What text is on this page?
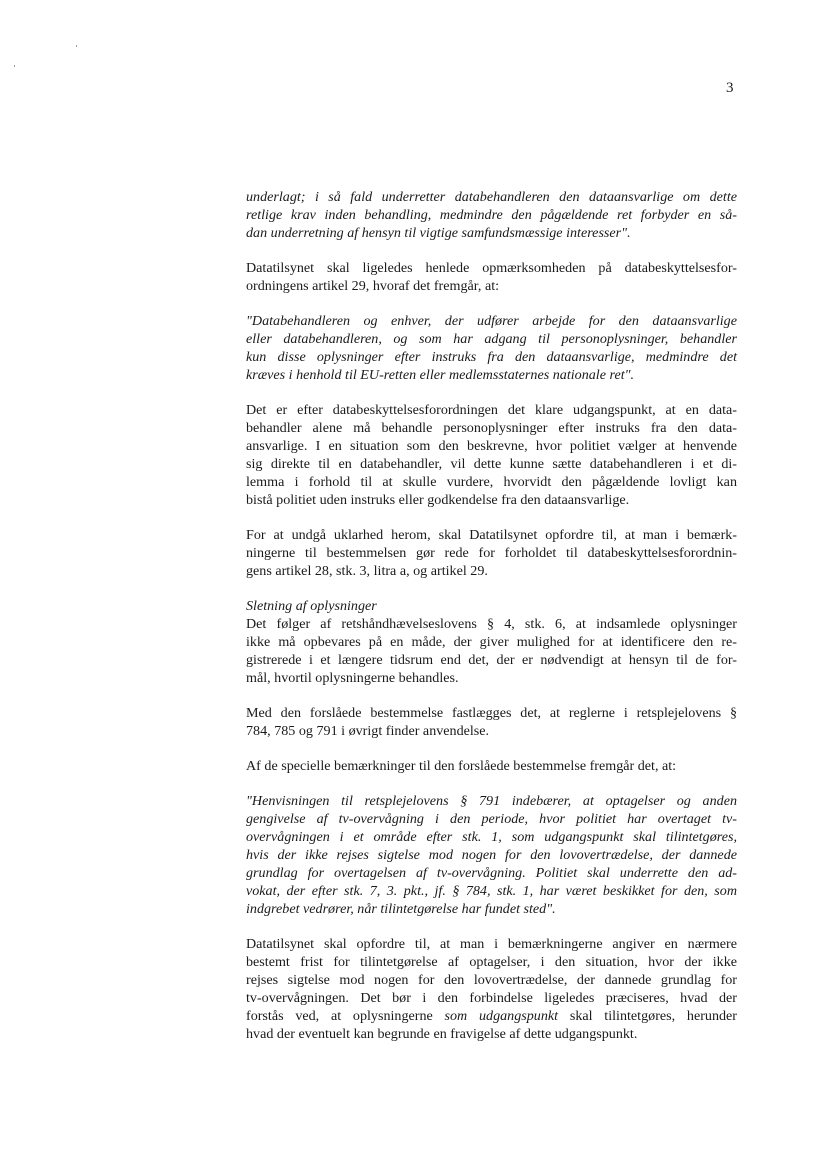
3
underlagt; i så fald underretter databehandleren den dataansvarlige om dette
retlige krav inden behandling, medmindre den pågældende ret forbyder en så-
dan underretning af hensyn til vigtige samfundsmæssige interesser".
Datatilsynet skal ligeledes henlede opmærksomheden på databeskyttelsesfor-
ordningens artikel 29, hvoraf det fremgår, at:
"Databehandleren og enhver, der udfører arbejde for den dataansvarlige
eller databehandleren, og som har adgang til personoplysninger, behandler
kun disse oplysninger efter instruks fra den dataansvarlige, medmindre det
kræves i henhold til EU-retten eller medlemsstaternes nationale ret".
Det er efter databeskyttelsesforordningen det klare udgangspunkt, at en data-
behandler alene må behandle personoplysninger efter instruks fra den data-
ansvarlige. I en situation som den beskrevne, hvor politiet vælger at henvende
sig direkte til en databehandler, vil dette kunne sætte databehandleren i et di-
lemma i forhold til at skulle vurdere, hvorvidt den pågældende lovligt kan
bistå politiet uden instruks eller godkendelse fra den dataansvarlige.
For at undgå uklarhed herom, skal Datatilsynet opfordre til, at man i bemærk-
ningerne til bestemmelsen gør rede for forholdet til databeskyttelsesforordnin-
gens artikel 28, stk. 3, litra a, og artikel 29.
Sletning af oplysninger
Det følger af retshåndhævelseslovens § 4, stk. 6, at indsamlede oplysninger
ikke må opbevares på en måde, der giver mulighed for at identificere den re-
gistrerede i et længere tidsrum end det, der er nødvendigt at hensyn til de for-
mål, hvortil oplysningerne behandles.
Med den forslåede bestemmelse fastlægges det, at reglerne i retsplejelovens §
784, 785 og 791 i øvrigt finder anvendelse.
Af de specielle bemærkninger til den forslåede bestemmelse fremgår det, at:
"Henvisningen til retsplejelovens § 791 indebærer, at optagelser og anden
gengivelse af tv-overvågning i den periode, hvor politiet har overtaget tv-
overvågningen i et område efter stk. 1, som udgangspunkt skal tilintetgøres,
hvis der ikke rejses sigtelse mod nogen for den lovovertrædelse, der dannede
grundlag for overtagelsen af tv-overvågning. Politiet skal underrette den ad-
vokat, der efter stk. 7, 3. pkt., jf. § 784, stk. 1, har været beskikket for den, som
indgrebet vedrører, når tilintetgørelse har fundet sted".
Datatilsynet skal opfordre til, at man i bemærkningerne angiver en nærmere
bestemt frist for tilintetgørelse af optagelser, i den situation, hvor der ikke
rejses sigtelse mod nogen for den lovovertrædelse, der dannede grundlag for
tv-overvågningen. Det bør i den forbindelse ligeledes præciseres, hvad der
forstås ved, at oplysningerne som udgangspunkt skal tilintetgøres, herunder
hvad der eventuelt kan begrunde en fravigelse af dette udgangspunkt.
